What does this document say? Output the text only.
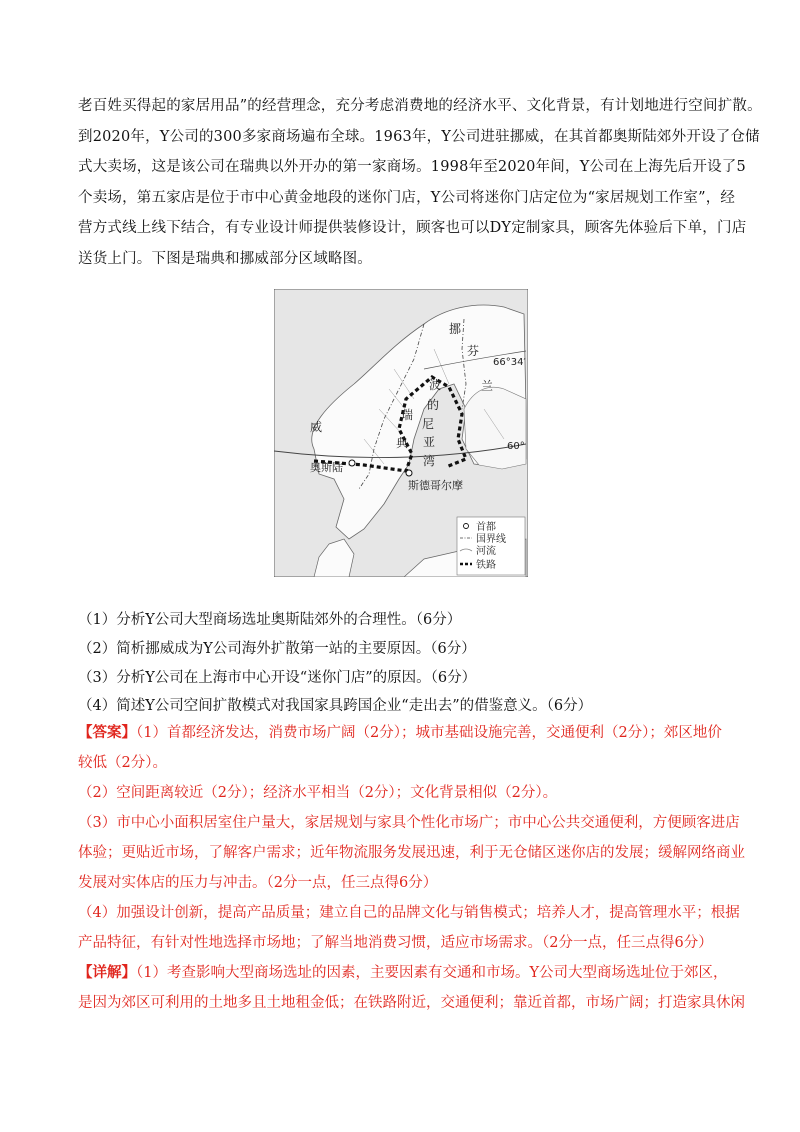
老百姓买得起的家居用品”的经营理念，充分考虑消费地的经济水平、文化背景，有计划地进行空间扩散。
到2020年，Y公司的300多家商场遍布全球。1963年，Y公司进驻挪威，在其首都奥斯陆郊外开设了仓储
式大卖场，这是该公司在瑞典以外开办的第一家商场。1998年至2020年间，Y公司在上海先后开设了5
个卖场，第五家店是位于市中心黄金地段的迷你门店，Y公司将迷你门店定位为“家居规划工作室”，经
营方式线上线下结合，有专业设计师提供装修设计，顾客也可以DY定制家具，顾客先体验后下单，门店
送货上门。下图是瑞典和挪威部分区域略图。
挪
芬
66°34′
兰
波
的
尼
亚
湾
瑞
典
威
60°
奥斯陆
斯德哥尔摩
首都
国界线
河流
铁路
（1）分析Y公司大型商场选址奥斯陆郊外的合理性。（6分）
（2）简析挪威成为Y公司海外扩散第一站的主要原因。（6分）
（3）分析Y公司在上海市中心开设“迷你门店”的原因。（6分）
（4）简述Y公司空间扩散模式对我国家具跨国企业“走出去”的借鉴意义。（6分）
【答案】（1）首都经济发达，消费市场广阔（2分）；城市基础设施完善，交通便利（2分）；郊区地价
较低（2分）。
（2）空间距离较近（2分）；经济水平相当（2分）；文化背景相似（2分）。
（3）市中心小面积居室住户量大，家居规划与家具个性化市场广；市中心公共交通便利，方便顾客进店
体验；更贴近市场，了解客户需求；近年物流服务发展迅速，利于无仓储区迷你店的发展；缓解网络商业
发展对实体店的压力与冲击。（2分一点，任三点得6分）
（4）加强设计创新，提高产品质量；建立自己的品牌文化与销售模式；培养人才，提高管理水平；根据
产品特征，有针对性地选择市场地；了解当地消费习惯，适应市场需求。（2分一点，任三点得6分）
【详解】（1）考查影响大型商场选址的因素，主要因素有交通和市场。Y公司大型商场选址位于郊区，
是因为郊区可利用的土地多且土地租金低；在铁路附近，交通便利；靠近首都，市场广阔；打造家具休闲
